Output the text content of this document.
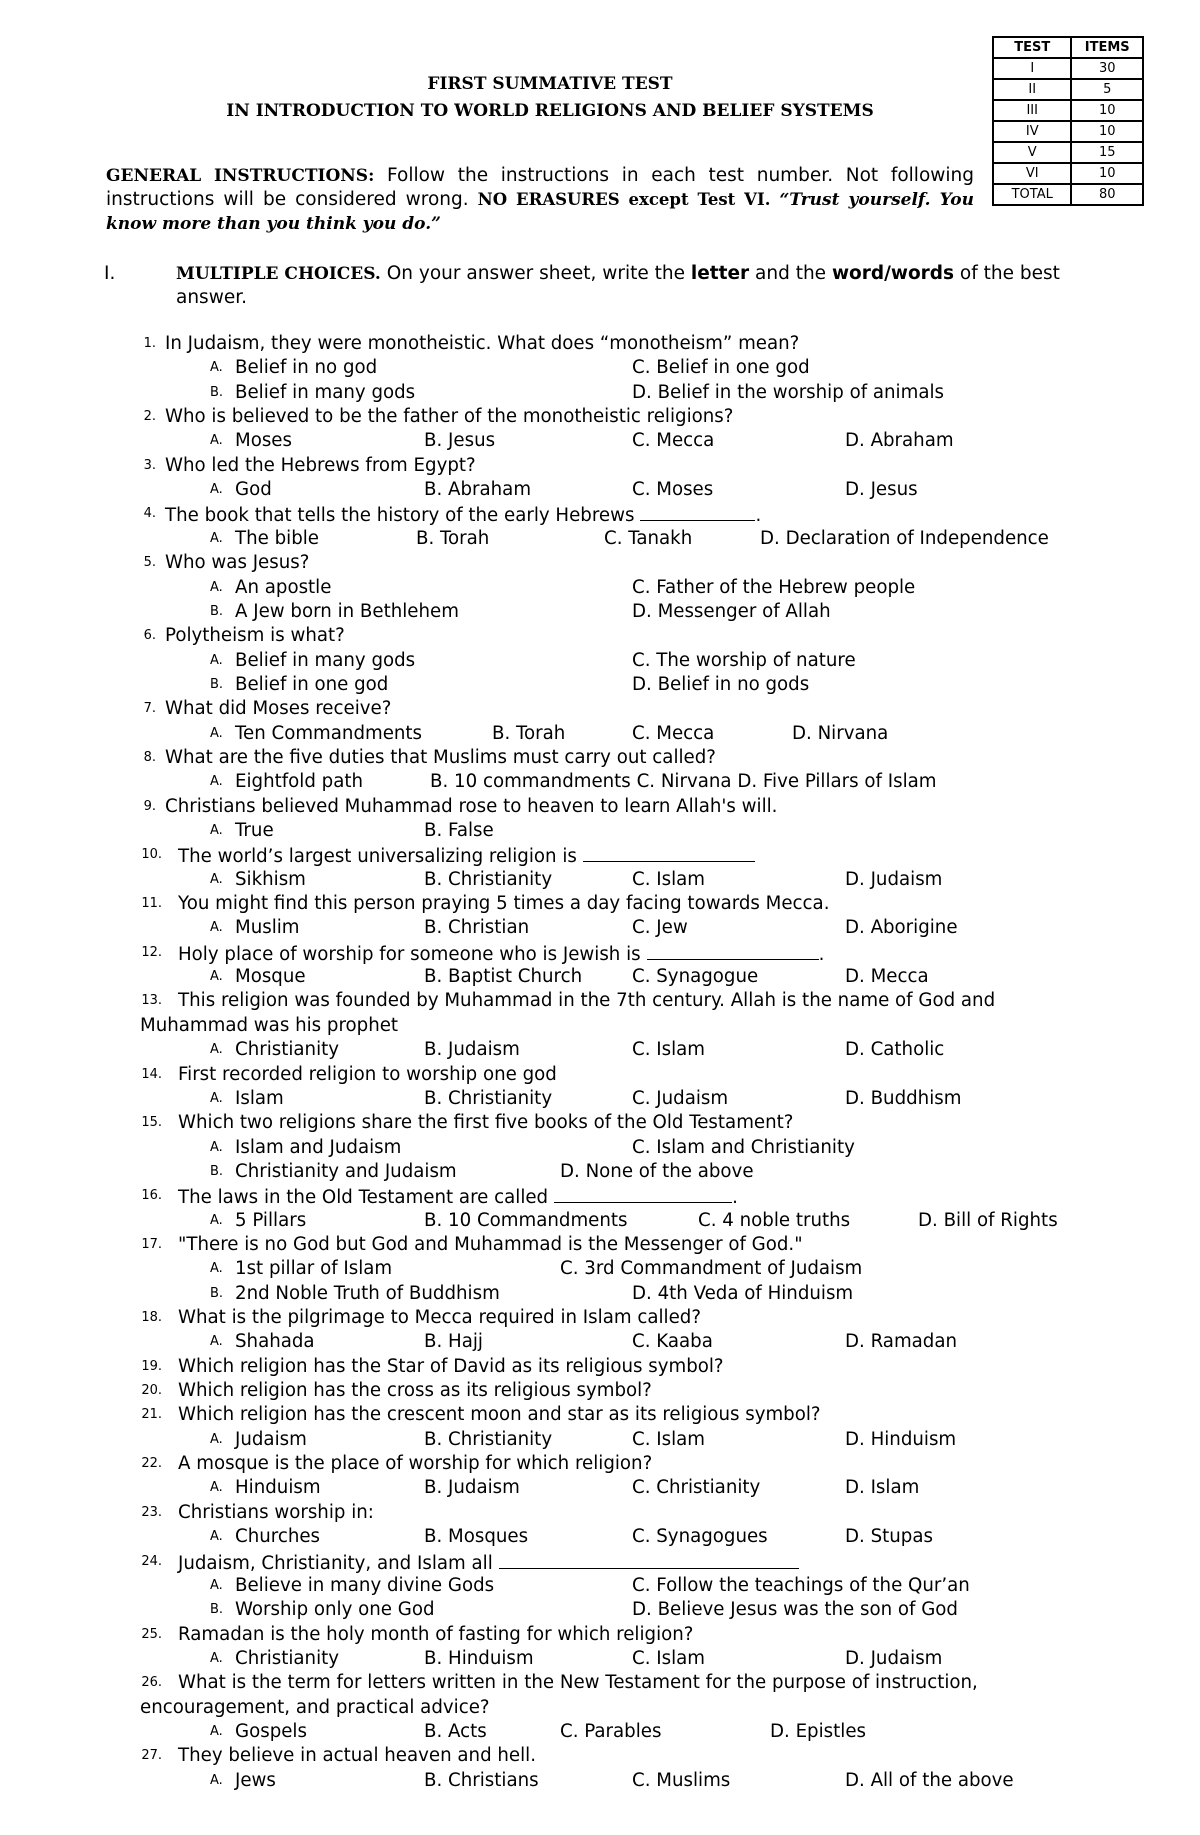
TEST	ITEMS
I	30
II	5
III	10
IV	10
V	15
VI	10
TOTAL	80
FIRST SUMMATIVE TEST
IN INTRODUCTION TO WORLD RELIGIONS AND BELIEF SYSTEMS
GENERAL INSTRUCTIONS: Follow the instructions in each test number. Not following instructions will be considered wrong. NO ERASURES except Test VI. “Trust yourself. You know more than you think you do.”
I.	MULTIPLE CHOICES. On your answer sheet, write the letter and the word/words of the best answer.
1. In Judaism, they were monotheistic. What does “monotheism” mean?
A. Belief in no god	C. Belief in one god
B. Belief in many gods	D. Belief in the worship of animals
2. Who is believed to be the father of the monotheistic religions?
A. Moses	B. Jesus	C. Mecca	D. Abraham
3. Who led the Hebrews from Egypt?
A. God	B. Abraham	C. Moses	D. Jesus
4. The book that tells the history of the early Hebrews	.
A. The bible	B. Torah	C. Tanakh	D. Declaration of Independence
5. Who was Jesus?
A. An apostle	C. Father of the Hebrew people
B. A Jew born in Bethlehem	D. Messenger of Allah
6. Polytheism is what?
A. Belief in many gods	C. The worship of nature
B. Belief in one god	D. Belief in no gods
7. What did Moses receive?
A. Ten Commandments	B. Torah	C. Mecca	D. Nirvana
8. What are the five duties that Muslims must carry out called?
A. Eightfold path	B. 10 commandments C. Nirvana D. Five Pillars of Islam
9. Christians believed Muhammad rose to heaven to learn Allah's will.
A. True	B. False
10. The world’s largest universalizing religion is
A. Sikhism	B. Christianity	C. Islam	D. Judaism
11. You might find this person praying 5 times a day facing towards Mecca.
A. Muslim	B. Christian	C. Jew	D. Aborigine
12. Holy place of worship for someone who is Jewish is	.
A. Mosque	B. Baptist Church	C. Synagogue	D. Mecca
13. This religion was founded by Muhammad in the 7th century. Allah is the name of God and
Muhammad was his prophet
A. Christianity	B. Judaism	C. Islam	D. Catholic
14. First recorded religion to worship one god
A. Islam	B. Christianity	C. Judaism	D. Buddhism
15. Which two religions share the first five books of the Old Testament?
A. Islam and Judaism	C. Islam and Christianity
B. Christianity and Judaism	D. None of the above
16. The laws in the Old Testament are called	.
A. 5 Pillars	B. 10 Commandments	C. 4 noble truths	D. Bill of Rights
17. "There is no God but God and Muhammad is the Messenger of God."
A. 1st pillar of Islam	C. 3rd Commandment of Judaism
B. 2nd Noble Truth of Buddhism	D. 4th Veda of Hinduism
18. What is the pilgrimage to Mecca required in Islam called?
A. Shahada	B. Hajj	C. Kaaba	D. Ramadan
19. Which religion has the Star of David as its religious symbol?
20. Which religion has the cross as its religious symbol?
21. Which religion has the crescent moon and star as its religious symbol?
A. Judaism	B. Christianity	C. Islam	D. Hinduism
22. A mosque is the place of worship for which religion?
A. Hinduism	B. Judaism	C. Christianity	D. Islam
23. Christians worship in:
A. Churches	B. Mosques	C. Synagogues	D. Stupas
24. Judaism, Christianity, and Islam all
A. Believe in many divine Gods	C. Follow the teachings of the Qur’an
B. Worship only one God	D. Believe Jesus was the son of God
25. Ramadan is the holy month of fasting for which religion?
A. Christianity	B. Hinduism	C. Islam	D. Judaism
26. What is the term for letters written in the New Testament for the purpose of instruction,
encouragement, and practical advice?
A. Gospels	B. Acts	C. Parables	D. Epistles
27. They believe in actual heaven and hell.
A. Jews	B. Christians	C. Muslims	D. All of the above
